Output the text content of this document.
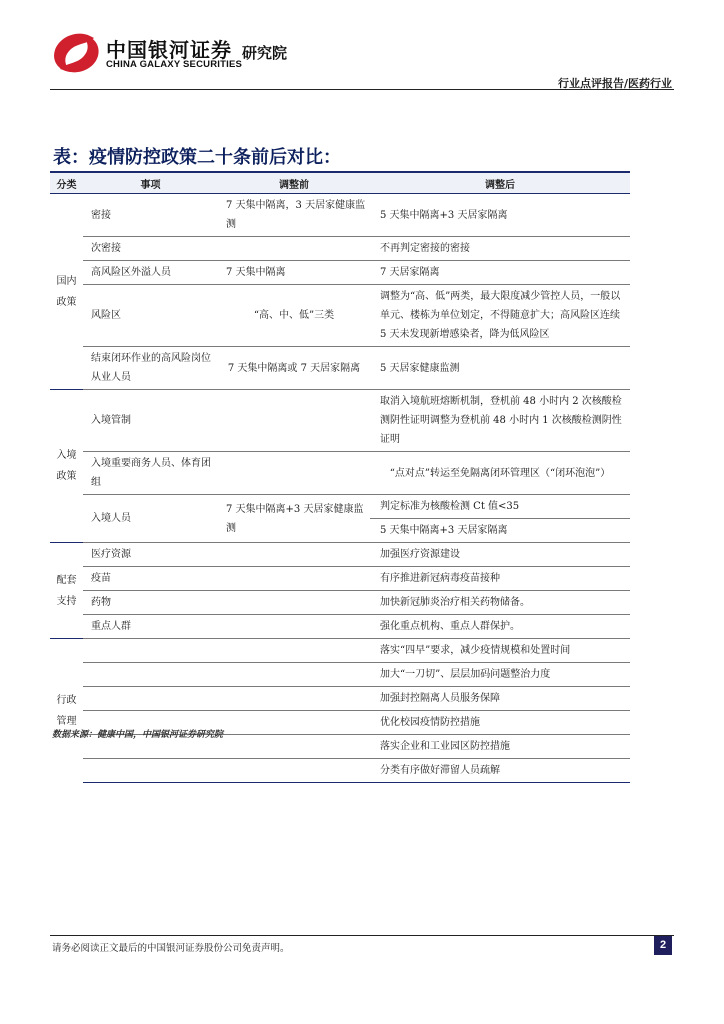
中国银河证券
CHINA GALAXY SECURITIES
研究院
行业点评报告/医药行业
表：疫情防控政策二十条前后对比：
分类	事项	调整前	调整后
国内政策	密接	7 天集中隔离，3 天居家健康监测	5 天集中隔离+3 天居家隔离
	次密接		不再判定密接的密接
	高风险区外溢人员	7 天集中隔离	7 天居家隔离
	风险区	“高、中、低”三类	调整为“高、低”两类，最大限度减少管控人员，一般以单元、楼栋为单位划定，不得随意扩大；高风险区连续 5 天未发现新增感染者，降为低风险区
	结束闭环作业的高风险岗位从业人员	7 天集中隔离或 7 天居家隔离	5 天居家健康监测
入境政策	入境管制		取消入境航班熔断机制，登机前 48 小时内 2 次核酸检测阴性证明调整为登机前 48 小时内 1 次核酸检测阴性证明
	入境重要商务人员、体育团组		“点对点”转运至免隔离闭环管理区（“闭环泡泡”）
	入境人员	7 天集中隔离+3 天居家健康监测	判定标准为核酸检测 Ct 值<35
			5 天集中隔离+3 天居家隔离
配套支持	医疗资源		加强医疗资源建设
	疫苗		有序推进新冠病毒疫苗接种
	药物		加快新冠肺炎治疗相关药物储备。
	重点人群		强化重点机构、重点人群保护。
行政管理			落实“四早”要求，减少疫情规模和处置时间
			加大“一刀切”、层层加码问题整治力度
			加强封控隔离人员服务保障
			优化校园疫情防控措施
			落实企业和工业园区防控措施
			分类有序做好滞留人员疏解
数据来源：健康中国，中国银河证券研究院
请务必阅读正文最后的中国银河证券股份公司免责声明。	2
